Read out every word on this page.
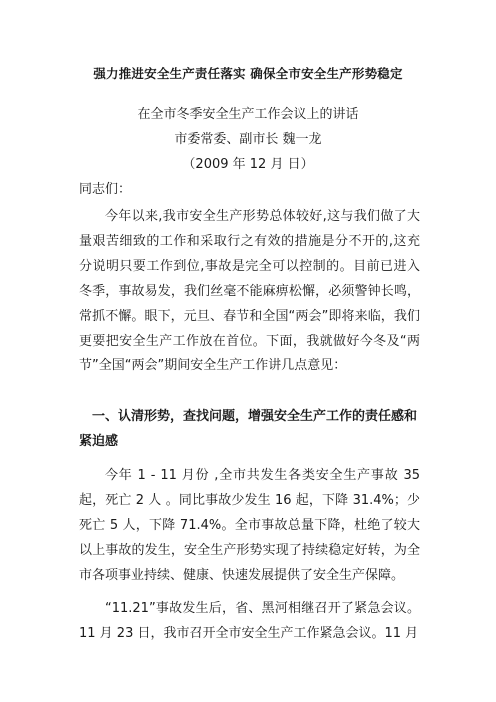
强力推进安全生产责任落实 确保全市安全生产形势稳定
在全市冬季安全生产工作会议上的讲话
市委常委、副市长 魏一龙
（2009 年 12 月 日）
同志们：
今年以来,我市安全生产形势总体较好,这与我们做了大量艰苦细致的工作和采取行之有效的措施是分不开的,这充分说明只要工作到位,事故是完全可以控制的。目前已进入冬季，事故易发，我们丝毫不能麻痹松懈，必须警钟长鸣，常抓不懈。眼下，元旦、春节和全国“两会”即将来临，我们更要把安全生产工作放在首位。下面，我就做好今冬及“两节”全国“两会”期间安全生产工作讲几点意见：
一、认清形势，查找问题，增强安全生产工作的责任感和紧迫感
今年 1 - 11 月份 ,全市共发生各类安全生产事故 35 起，死亡 2 人 。同比事故少发生 16 起，下降 31.4%；少死亡 5 人，下降 71.4%。全市事故总量下降，杜绝了较大以上事故的发生，安全生产形势实现了持续稳定好转，为全市各项事业持续、健康、快速发展提供了安全生产保障。
“11.21”事故发生后，省、黑河相继召开了紧急会议。11 月 23 日，我市召开全市安全生产工作紧急会议。11 月
